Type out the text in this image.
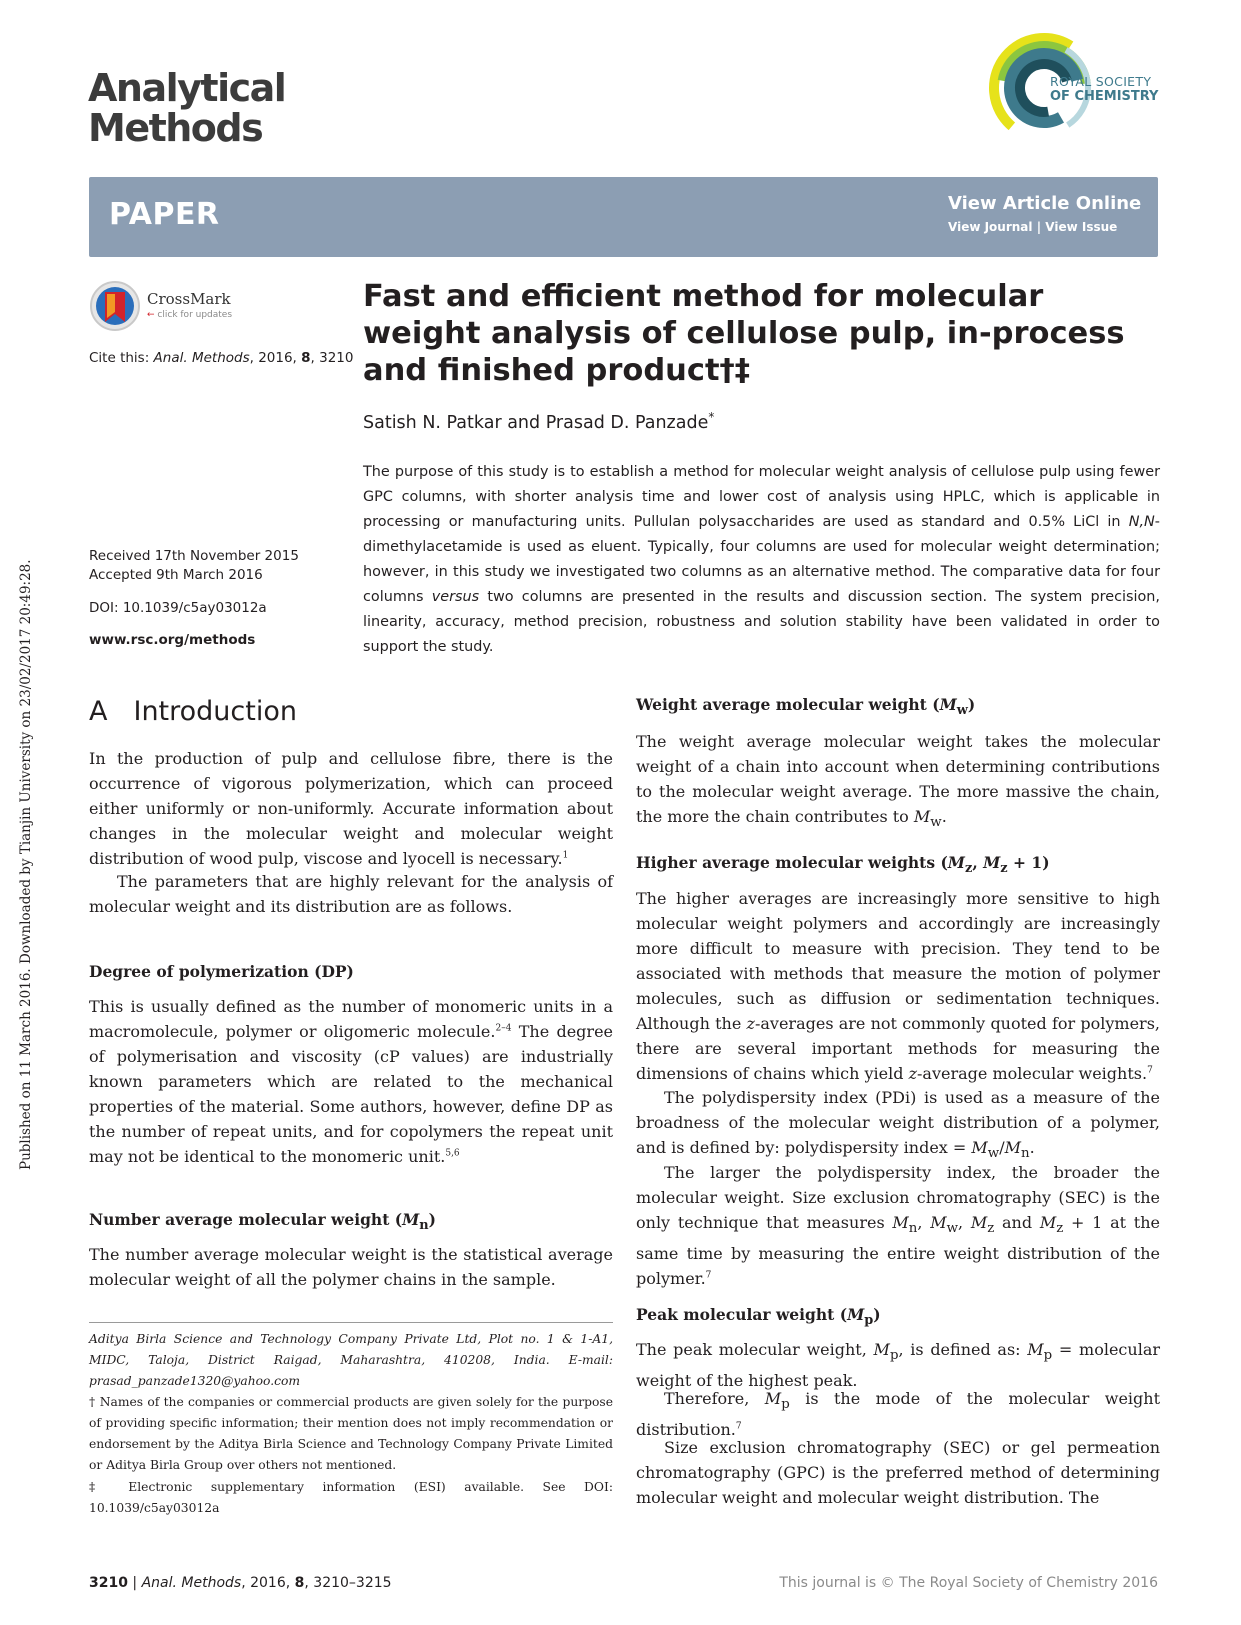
Published on 11 March 2016. Downloaded by Tianjin University on 23/02/2017 20:49:28.
Analytical
Methods
ROYAL SOCIETY
OF CHEMISTRY
PAPER	View Article Online
View Journal | View Issue
CrossMark
← click for updates
Cite this: Anal. Methods, 2016, 8, 3210
Received 17th November 2015
Accepted 9th March 2016
DOI: 10.1039/c5ay03012a
www.rsc.org/methods
Fast and efficient method for molecular weight analysis of cellulose pulp, in-process and finished product†‡
Satish N. Patkar and Prasad D. Panzade*
The purpose of this study is to establish a method for molecular weight analysis of cellulose pulp using fewer GPC columns, with shorter analysis time and lower cost of analysis using HPLC, which is applicable in processing or manufacturing units. Pullulan polysaccharides are used as standard and 0.5% LiCl in N,N-dimethylacetamide is used as eluent. Typically, four columns are used for molecular weight determination; however, in this study we investigated two columns as an alternative method. The comparative data for four columns versus two columns are presented in the results and discussion section. The system precision, linearity, accuracy, method precision, robustness and solution stability have been validated in order to support the study.
A Introduction

In the production of pulp and cellulose fibre, there is the occurrence of vigorous polymerization, which can proceed either uniformly or non-uniformly. Accurate information about changes in the molecular weight and molecular weight distribution of wood pulp, viscose and lyocell is necessary.$^1$

The parameters that are highly relevant for the analysis of molecular weight and its distribution are as follows.

Degree of polymerization (DP)

This is usually defined as the number of monomeric units in a macromolecule, polymer or oligomeric molecule.$^{2-4}$ The degree of polymerisation and viscosity (cP values) are industrially known parameters which are related to the mechanical properties of the material. Some authors, however, define DP as the number of repeat units, and for copolymers the repeat unit may not be identical to the monomeric unit.$^{5,6}$

Number average molecular weight $(M_n)$

The number average molecular weight is the statistical average molecular weight of all the polymer chains in the sample.

Aditya Birla Science and Technology Company Private Ltd, Plot no. 1 & 1-A1, MIDC, Taloja, District Raigad, Maharashtra, 410208, India. E-mail: prasad_panzade1320@yahoo.com

† Names of the companies or commercial products are given solely for the purpose of providing specific information; their mention does not imply recommendation or endorsement by the Aditya Birla Science and Technology Company Private Limited or Aditya Birla Group over others not mentioned.

‡ Electronic supplementary information (ESI) available. See DOI: 10.1039/c5ay03012a

Weight average molecular weight $(M_w)$

The weight average molecular weight takes the molecular weight of a chain into account when determining contributions to the molecular weight average. The more massive the chain, the more the chain contributes to $M_w$.

Higher average molecular weights ($M_z$, $M_z + 1$)

The higher averages are increasingly more sensitive to high molecular weight polymers and accordingly are increasingly more difficult to measure with precision. They tend to be associated with methods that measure the motion of polymer molecules, such as diffusion or sedimentation techniques. Although the z-averages are not commonly quoted for polymers, there are several important methods for measuring the dimensions of chains which yield z-average molecular weights.$^7$

The polydispersity index (PDi) is used as a measure of the broadness of the molecular weight distribution of a polymer, and is defined by: polydispersity index = $M_w/M_n$.

The larger the polydispersity index, the broader the molecular weight. Size exclusion chromatography (SEC) is the only technique that measures $M_n$, $M_w$, $M_z$ and $M_z + 1$ at the same time by measuring the entire weight distribution of the polymer.$^7$

Peak molecular weight $(M_p)$

The peak molecular weight, $M_p$, is defined as: $M_p$ = molecular weight of the highest peak.

Therefore, $M_p$ is the mode of the molecular weight distribution.$^7$

Size exclusion chromatography (SEC) or gel permeation chromatography (GPC) is the preferred method of determining molecular weight and molecular weight distribution. The

3210 | Anal. Methods, 2016, 8, 3210–3215	This journal is © The Royal Society of Chemistry 2016
